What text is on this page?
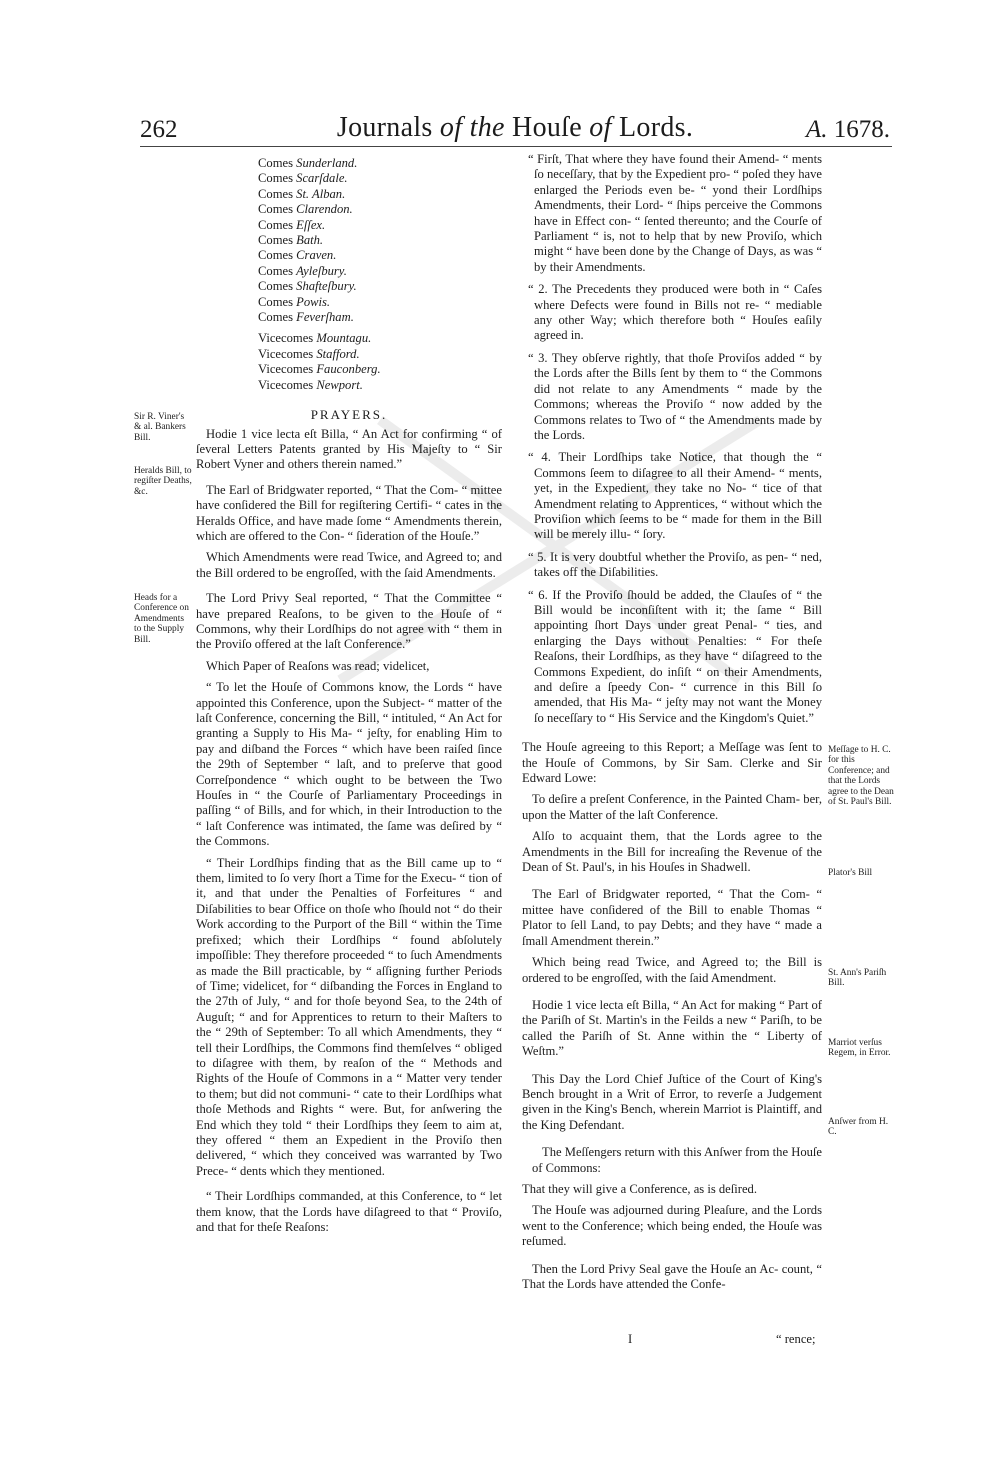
262	Journals of the Houſe of Lords.	A. 1678.
Sir R. Viner's & al. Bankers Bill.
Heralds Bill, to regiſter Deaths, &c.
Heads for a Conference on Amendments to the Supply Bill.
Meſſage to H. C. for this Conference; and that the Lords agree to the Dean of St. Paul's Bill.
Plator's Bill
St. Ann's Pariſh Bill.
Marriot verſus Regem, in Error.
Anſwer from H. C.
Comes Sunderland.
Comes Scarſdale.
Comes St. Alban.
Comes Clarendon.
Comes Eſſex.
Comes Bath.
Comes Craven.
Comes Ayleſbury.
Comes Shafteſbury.
Comes Powis.
Comes Feverſham.
Vicecomes Mountagu.
Vicecomes Stafford.
Vicecomes Fauconberg.
Vicecomes Newport.
PRAYERS.

Hodie 1 vice lecta eſt Billa, “ An Act for confirming “ of ſeveral Letters Patents granted by His Majeſty to “ Sir Robert Vyner and others therein named.”

The Earl of Bridgwater reported, “ That the Com- “ mittee have conſidered the Bill for regiſtering Certifi- “ cates in the Heralds Office, and have made ſome “ Amendments therein, which are offered to the Con- “ ſideration of the Houſe.”

Which Amendments were read Twice, and Agreed to; and the Bill ordered to be engroſſed, with the ſaid Amendments.

The Lord Privy Seal reported, “ That the Committee “ have prepared Reaſons, to be given to the Houſe of “ Commons, why their Lordſhips do not agree with “ them in the Proviſo offered at the laſt Conference.”

Which Paper of Reaſons was read; videlicet,

“ To let the Houſe of Commons know, the Lords “ have appointed this Conference, upon the Subject- “ matter of the laſt Conference, concerning the Bill, “ intituled, “ An Act for granting a Supply to His Ma- “ jeſty, for enabling Him to pay and diſband the Forces “ which have been raiſed ſince the 29th of September “ laſt, and to preſerve that good Correſpondence “ which ought to be between the Two Houſes in “ the Courſe of Parliamentary Proceedings in paſſing “ of Bills, and for which, in their Introduction to the “ laſt Conference was intimated, the ſame was deſired by “ the Commons.

“ Their Lordſhips finding that as the Bill came up to “ them, limited to ſo very ſhort a Time for the Execu- “ tion of it, and that under the Penalties of Forfeitures “ and Diſabilities to bear Office on thoſe who ſhould not “ do their Work according to the Purport of the Bill “ within the Time prefixed; which their Lordſhips “ found abſolutely impoſſible: They therefore proceeded “ to ſuch Amendments as made the Bill practicable, by “ aſſigning further Periods of Time; videlicet, for “ diſbanding the Forces in England to the 27th of July, “ and for thoſe beyond Sea, to the 24th of Auguſt; “ and for Apprentices to return to their Maſters to the “ 29th of September: To all which Amendments, they “ tell their Lordſhips, the Commons find themſelves “ obliged to diſagree with them, by reaſon of the “ Methods and Rights of the Houſe of Commons in a “ Matter very tender to them; but did not communi- “ cate to their Lordſhips what thoſe Methods and Rights “ were. But, for anſwering the End which they told “ their Lordſhips they ſeem to aim at, they offered “ them an Expedient in the Proviſo then delivered, “ which they conceived was warranted by Two Prece- “ dents which they mentioned.

“ Their Lordſhips commanded, at this Conference, to “ let them know, that the Lords have diſagreed to that “ Proviſo, and that for theſe Reaſons:

“ Firſt, That where they have found their Amend- “ ments ſo neceſſary, that by the Expedient pro- “ poſed they have enlarged the Periods even be- “ yond their Lordſhips Amendments, their Lord- “ ſhips perceive the Commons have in Effect con- “ ſented thereunto; and the Courſe of Parliament “ is, not to help that by new Proviſo, which might “ have been done by the Change of Days, as was “ by their Amendments.

“ 2. The Precedents they produced were both in “ Caſes where Defects were found in Bills not re- “ mediable any other Way; which therefore both “ Houſes eaſily agreed in.

“ 3. They obſerve rightly, that thoſe Proviſos added “ by the Lords after the Bills ſent by them to “ the Commons did not relate to any Amendments “ made by the Commons; whereas the Proviſo “ now added by the Commons relates to Two of “ the Amendments made by the Lords.

“ 4. Their Lordſhips take Notice, that though the “ Commons ſeem to diſagree to all their Amend- “ ments, yet, in the Expedient, they take no No- “ tice of that Amendment relating to Apprentices, “ without which the Proviſion which ſeems to be “ made for them in the Bill will be merely illu- “ ſory.

“ 5. It is very doubtful whether the Proviſo, as pen- “ ned, takes off the Diſabilities.

“ 6. If the Proviſo ſhould be added, the Clauſes of “ the Bill would be inconſiſtent with it; the ſame “ Bill appointing ſhort Days under great Penal- “ ties, and enlarging the Days without Penalties: “ For theſe Reaſons, their Lordſhips, as they have “ diſagreed to the Commons Expedient, do inſiſt “ on their Amendments, and deſire a ſpeedy Con- “ currence in this Bill ſo amended, that His Ma- “ jeſty may not want the Money ſo neceſſary to “ His Service and the Kingdom's Quiet.”

The Houſe agreeing to this Report; a Meſſage was ſent to the Houſe of Commons, by Sir Sam. Clerke and Sir Edward Lowe:

To deſire a preſent Conference, in the Painted Cham- ber, upon the Matter of the laſt Conference.

Alſo to acquaint them, that the Lords agree to the Amendments in the Bill for increaſing the Revenue of the Dean of St. Paul's, in his Houſes in Shadwell.

The Earl of Bridgwater reported, “ That the Com- “ mittee have conſidered of the Bill to enable Thomas “ Plator to ſell Land, to pay Debts; and they have “ made a ſmall Amendment therein.”

Which being read Twice, and Agreed to; the Bill is ordered to be engroſſed, with the ſaid Amendment.

Hodie 1 vice lecta eſt Billa, “ An Act for making “ Part of the Pariſh of St. Martin's in the Feilds a new “ Pariſh, to be called the Pariſh of St. Anne within the “ Liberty of Weſtm.”

This Day the Lord Chief Juſtice of the Court of King's Bench brought in a Writ of Error, to reverſe a Judgement given in the King's Bench, wherein Marriot is Plaintiff, and the King Defendant.

The Meſſengers return with this Anſwer from the Houſe of Commons:

That they will give a Conference, as is deſired.

The Houſe was adjourned during Pleaſure, and the Lords went to the Conference; which being ended, the Houſe was reſumed.

Then the Lord Privy Seal gave the Houſe an Ac- count, “ That the Lords have attended the Confe-

I	“ rence;
